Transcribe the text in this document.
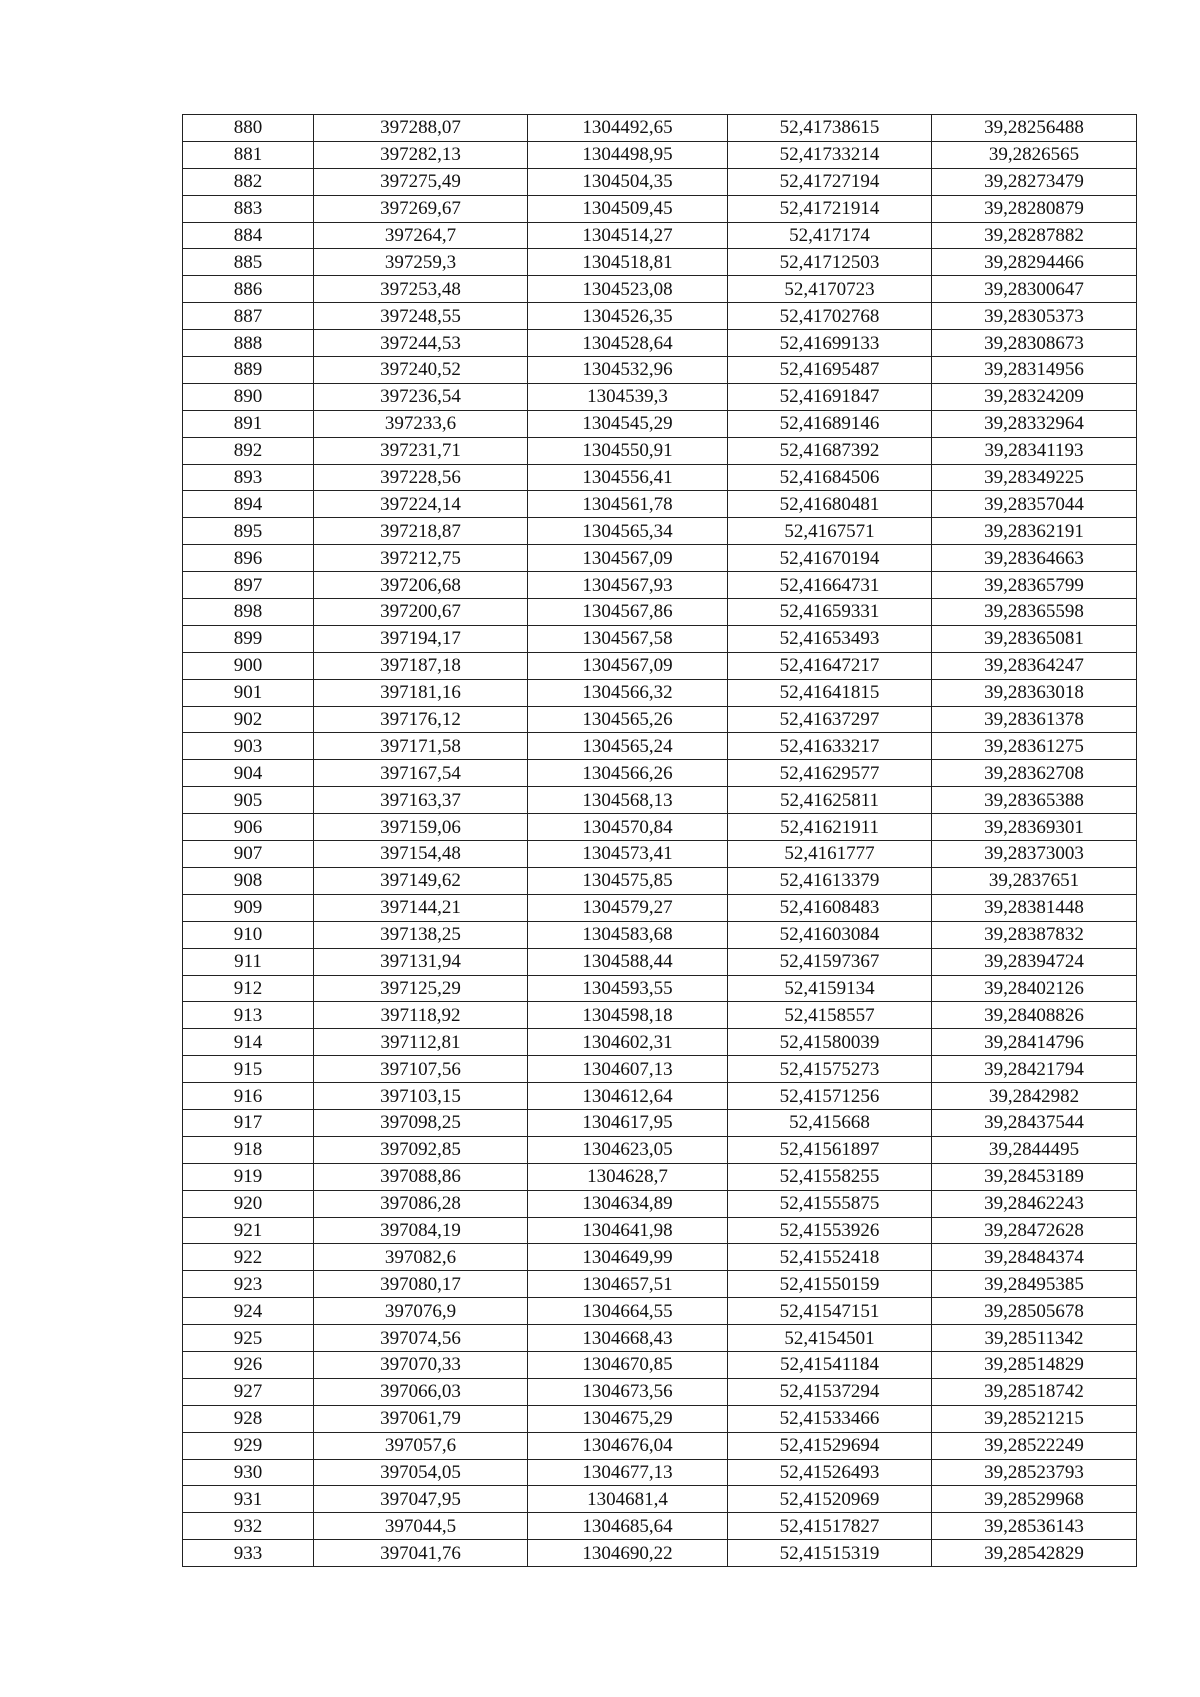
880	397288,07	1304492,65	52,41738615	39,28256488
881	397282,13	1304498,95	52,41733214	39,2826565
882	397275,49	1304504,35	52,41727194	39,28273479
883	397269,67	1304509,45	52,41721914	39,28280879
884	397264,7	1304514,27	52,417174	39,28287882
885	397259,3	1304518,81	52,41712503	39,28294466
886	397253,48	1304523,08	52,4170723	39,28300647
887	397248,55	1304526,35	52,41702768	39,28305373
888	397244,53	1304528,64	52,41699133	39,28308673
889	397240,52	1304532,96	52,41695487	39,28314956
890	397236,54	1304539,3	52,41691847	39,28324209
891	397233,6	1304545,29	52,41689146	39,28332964
892	397231,71	1304550,91	52,41687392	39,28341193
893	397228,56	1304556,41	52,41684506	39,28349225
894	397224,14	1304561,78	52,41680481	39,28357044
895	397218,87	1304565,34	52,4167571	39,28362191
896	397212,75	1304567,09	52,41670194	39,28364663
897	397206,68	1304567,93	52,41664731	39,28365799
898	397200,67	1304567,86	52,41659331	39,28365598
899	397194,17	1304567,58	52,41653493	39,28365081
900	397187,18	1304567,09	52,41647217	39,28364247
901	397181,16	1304566,32	52,41641815	39,28363018
902	397176,12	1304565,26	52,41637297	39,28361378
903	397171,58	1304565,24	52,41633217	39,28361275
904	397167,54	1304566,26	52,41629577	39,28362708
905	397163,37	1304568,13	52,41625811	39,28365388
906	397159,06	1304570,84	52,41621911	39,28369301
907	397154,48	1304573,41	52,4161777	39,28373003
908	397149,62	1304575,85	52,41613379	39,2837651
909	397144,21	1304579,27	52,41608483	39,28381448
910	397138,25	1304583,68	52,41603084	39,28387832
911	397131,94	1304588,44	52,41597367	39,28394724
912	397125,29	1304593,55	52,4159134	39,28402126
913	397118,92	1304598,18	52,4158557	39,28408826
914	397112,81	1304602,31	52,41580039	39,28414796
915	397107,56	1304607,13	52,41575273	39,28421794
916	397103,15	1304612,64	52,41571256	39,2842982
917	397098,25	1304617,95	52,415668	39,28437544
918	397092,85	1304623,05	52,41561897	39,2844495
919	397088,86	1304628,7	52,41558255	39,28453189
920	397086,28	1304634,89	52,41555875	39,28462243
921	397084,19	1304641,98	52,41553926	39,28472628
922	397082,6	1304649,99	52,41552418	39,28484374
923	397080,17	1304657,51	52,41550159	39,28495385
924	397076,9	1304664,55	52,41547151	39,28505678
925	397074,56	1304668,43	52,4154501	39,28511342
926	397070,33	1304670,85	52,41541184	39,28514829
927	397066,03	1304673,56	52,41537294	39,28518742
928	397061,79	1304675,29	52,41533466	39,28521215
929	397057,6	1304676,04	52,41529694	39,28522249
930	397054,05	1304677,13	52,41526493	39,28523793
931	397047,95	1304681,4	52,41520969	39,28529968
932	397044,5	1304685,64	52,41517827	39,28536143
933	397041,76	1304690,22	52,41515319	39,28542829
